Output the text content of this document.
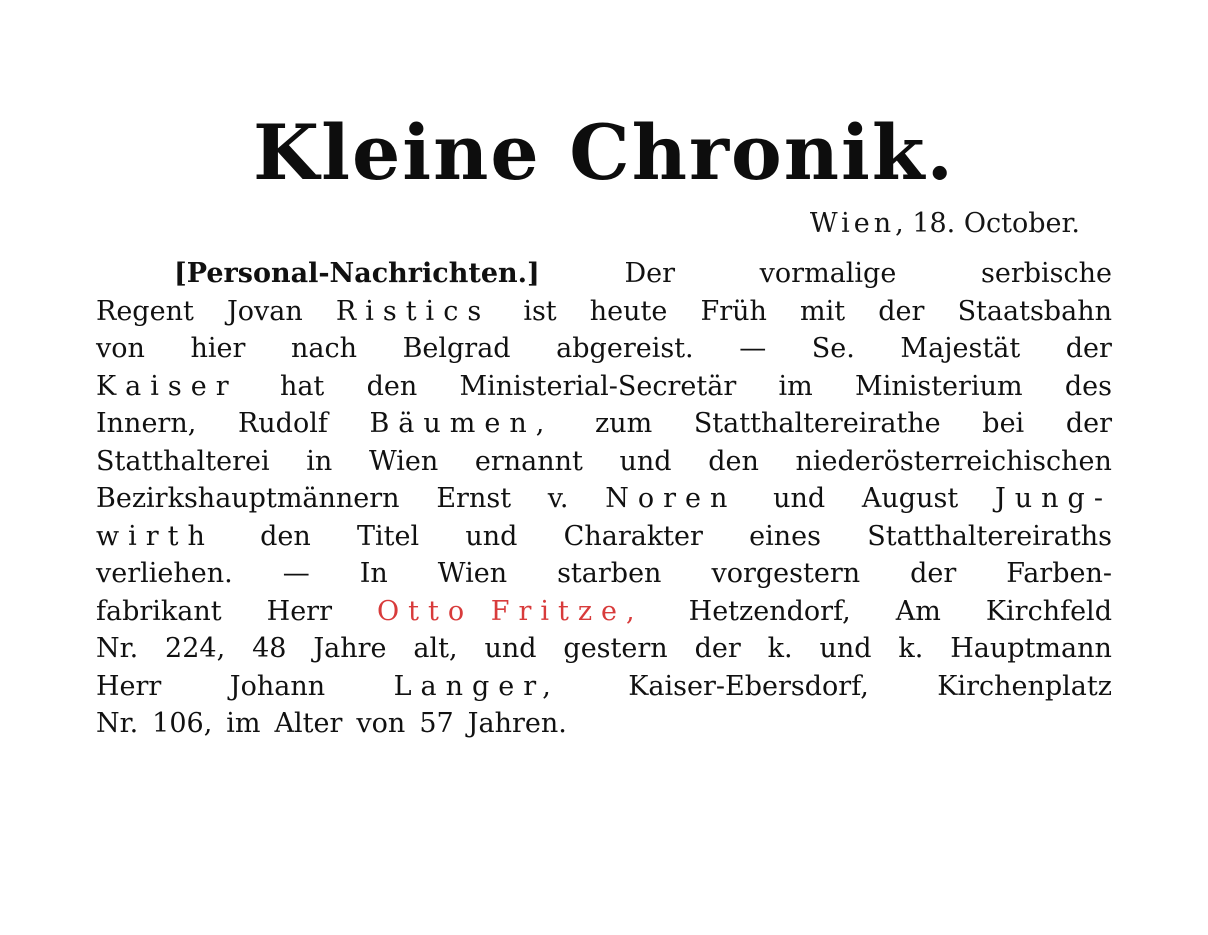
Kleine Chronik.
Wien, 18. October.
[Personal-Nachrichten.]	Der	vormalige	serbische
Regent Jovan Ristics ist heute Früh mit der Staatsbahn
von hier nach Belgrad abgereist. — Se. Majestät der
Kaiser hat den Ministerial-Secretär im Ministerium des
Innern, Rudolf Bäumen, zum Statthaltereirathe bei der
Statthalterei in Wien ernannt und den niederösterreichischen
Bezirkshauptmännern Ernst v. Noren und August Jung-
wirth den Titel und Charakter eines Statthaltereiraths
verliehen. — In Wien starben vorgestern der Farben-
fabrikant Herr Otto Fritze, Hetzendorf, Am Kirchfeld
Nr. 224, 48 Jahre alt, und gestern der k. und k. Hauptmann
Herr	Johann	Langer,	Kaiser-Ebersdorf,	Kirchenplatz
Nr. 106, im Alter von 57 Jahren.
